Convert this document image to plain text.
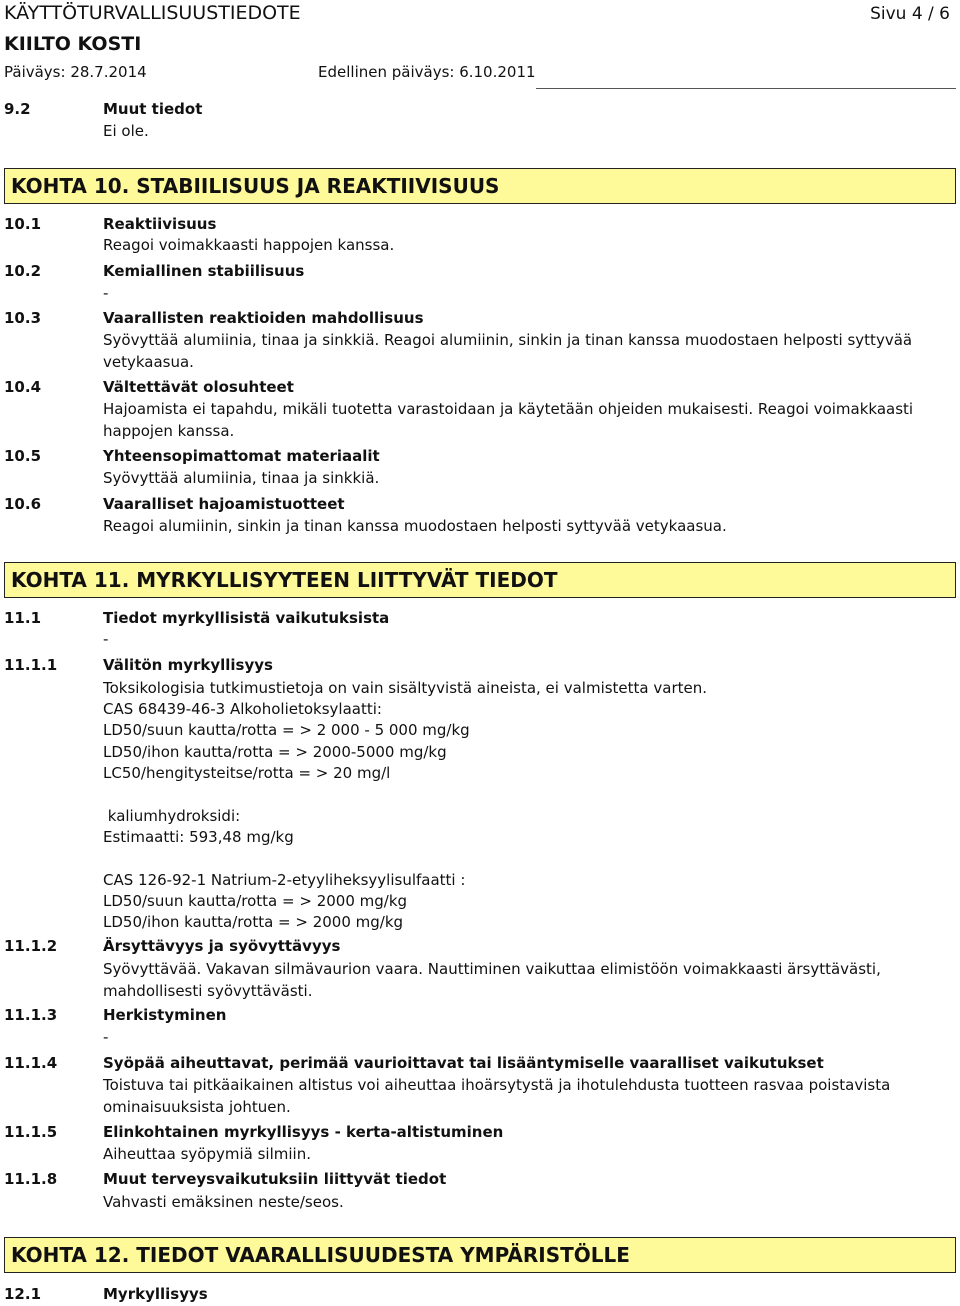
KÄYTTÖTURVALLISUUSTIEDOTE	Sivu 4 / 6
KIILTO KOSTI
Päiväys: 28.7.2014	Edellinen päiväys: 6.10.2011
9.2	Muut tiedot
Ei ole.
KOHTA 10. STABIILISUUS JA REAKTIIVISUUS
10.1	Reaktiivisuus
Reagoi voimakkaasti happojen kanssa.
10.2	Kemiallinen stabiilisuus
-
10.3	Vaarallisten reaktioiden mahdollisuus
Syövyttää alumiinia, tinaa ja sinkkiä. Reagoi alumiinin, sinkin ja tinan kanssa muodostaen helposti syttyvää vetykaasua.
10.4	Vältettävät olosuhteet
Hajoamista ei tapahdu, mikäli tuotetta varastoidaan ja käytetään ohjeiden mukaisesti. Reagoi voimakkaasti happojen kanssa.
10.5	Yhteensopimattomat materiaalit
Syövyttää alumiinia, tinaa ja sinkkiä.
10.6	Vaaralliset hajoamistuotteet
Reagoi alumiinin, sinkin ja tinan kanssa muodostaen helposti syttyvää vetykaasua.
KOHTA 11. MYRKYLLISYYTEEN LIITTYVÄT TIEDOT
11.1	Tiedot myrkyllisistä vaikutuksista
-
11.1.1	Välitön myrkyllisyys
Toksikologisia tutkimustietoja on vain sisältyvistä aineista, ei valmistetta varten.
CAS 68439-46-3 Alkoholietoksylaatti:
LD50/suun kautta/rotta = > 2 000 - 5 000 mg/kg
LD50/ihon kautta/rotta = > 2000-5000 mg/kg
LC50/hengitysteitse/rotta = > 20 mg/l
kaliumhydroksidi:
Estimaatti: 593,48 mg/kg
CAS 126-92-1 Natrium-2-etyyliheksyylisulfaatti :
LD50/suun kautta/rotta = > 2000 mg/kg
LD50/ihon kautta/rotta = > 2000 mg/kg
11.1.2	Ärsyttävyys ja syövyttävyys
Syövyttävää. Vakavan silmävaurion vaara. Nauttiminen vaikuttaa elimistöön voimakkaasti ärsyttävästi, mahdollisesti syövyttävästi.
11.1.3	Herkistyminen
-
11.1.4	Syöpää aiheuttavat, perimää vaurioittavat tai lisääntymiselle vaaralliset vaikutukset
Toistuva tai pitkäaikainen altistus voi aiheuttaa ihoärsytystä ja ihotulehdusta tuotteen rasvaa poistavista ominaisuuksista johtuen.
11.1.5	Elinkohtainen myrkyllisyys - kerta-altistuminen
Aiheuttaa syöpymiä silmiin.
11.1.8	Muut terveysvaikutuksiin liittyvät tiedot
Vahvasti emäksinen neste/seos.
KOHTA 12. TIEDOT VAARALLISUUDESTA YMPÄRISTÖLLE
12.1	Myrkyllisyys
